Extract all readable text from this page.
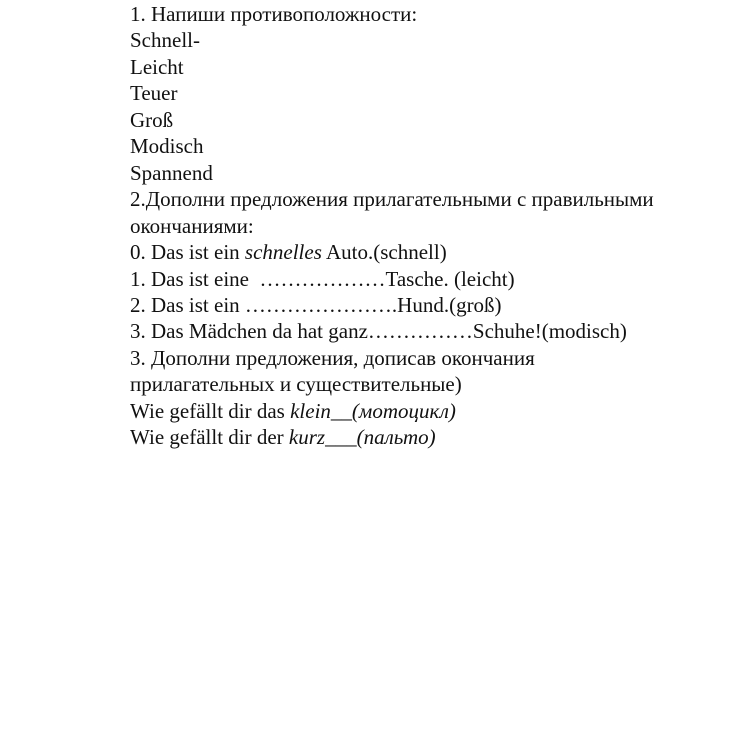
1. Напиши противоположности:
Schnell-
Leicht
Teuer
Groß
Modisch
Spannend
2.Дополни предложения прилагательными с правильными
окончаниями:
0. Das ist ein schnelles Auto.(schnell)
1. Das ist eine  ………………Tasche. (leicht)
2. Das ist ein ………………….Hund.(groß)
3. Das Mädchen da hat ganz……………Schuhe!(modisch)
3. Дополни предложения, дописав окончания
прилагательных и существительные)
Wie gefällt dir das klein__(мотоцикл)
Wie gefällt dir der kurz___(пальто)
